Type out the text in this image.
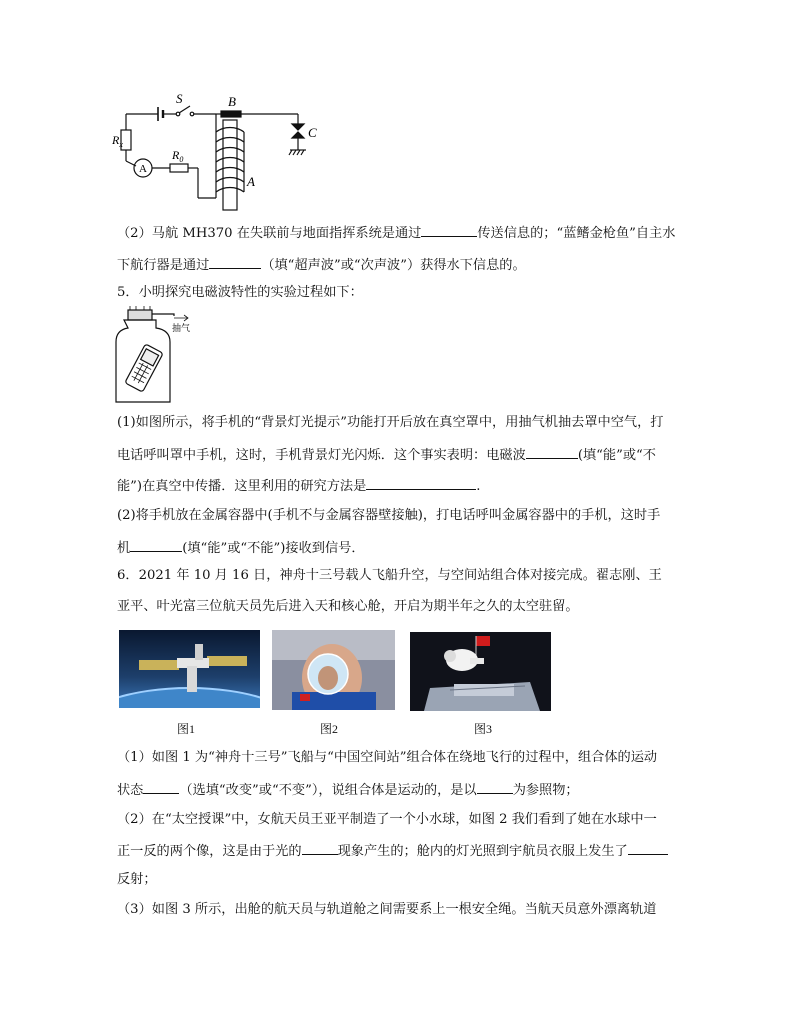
S	B
C
$R_x$
$R_0$
A
A
（2）马航 MH370 在失联前与地面指挥系统是通过	传送信息的；“蓝鳍金枪鱼”自主水
下航行器是通过	（填“超声波”或“次声波”）获得水下信息的。
5．小明探究电磁波特性的实验过程如下：
抽气
(1)如图所示，将手机的“背景灯光提示”功能打开后放在真空罩中，用抽气机抽去罩中空气，打
电话呼叫罩中手机，这时，手机背景灯光闪烁．这个事实表明：电磁波	(填“能”或“不
能”)在真空中传播．这里利用的研究方法是	.
(2)将手机放在金属容器中(手机不与金属容器壁接触)，打电话呼叫金属容器中的手机，这时手
机	(填“能”或“不能”)接收到信号．
6．2021 年 10 月 16 日，神舟十三号载人飞船升空，与空间站组合体对接完成。翟志刚、王
亚平、叶光富三位航天员先后进入天和核心舱，开启为期半年之久的太空驻留。
图1	图2	图3
（1）如图 1 为“神舟十三号”飞船与“中国空间站”组合体在绕地飞行的过程中，组合体的运动
状态	（选填“改变”或“不变”），说组合体是运动的，是以	为参照物；
（2）在“太空授课”中，女航天员王亚平制造了一个小水球，如图 2 我们看到了她在水球中一
正一反的两个像，这是由于光的	现象产生的；舱内的灯光照到宇航员衣服上发生了
反射；
（3）如图 3 所示，出舱的航天员与轨道舱之间需要系上一根安全绳。当航天员意外漂离轨道
